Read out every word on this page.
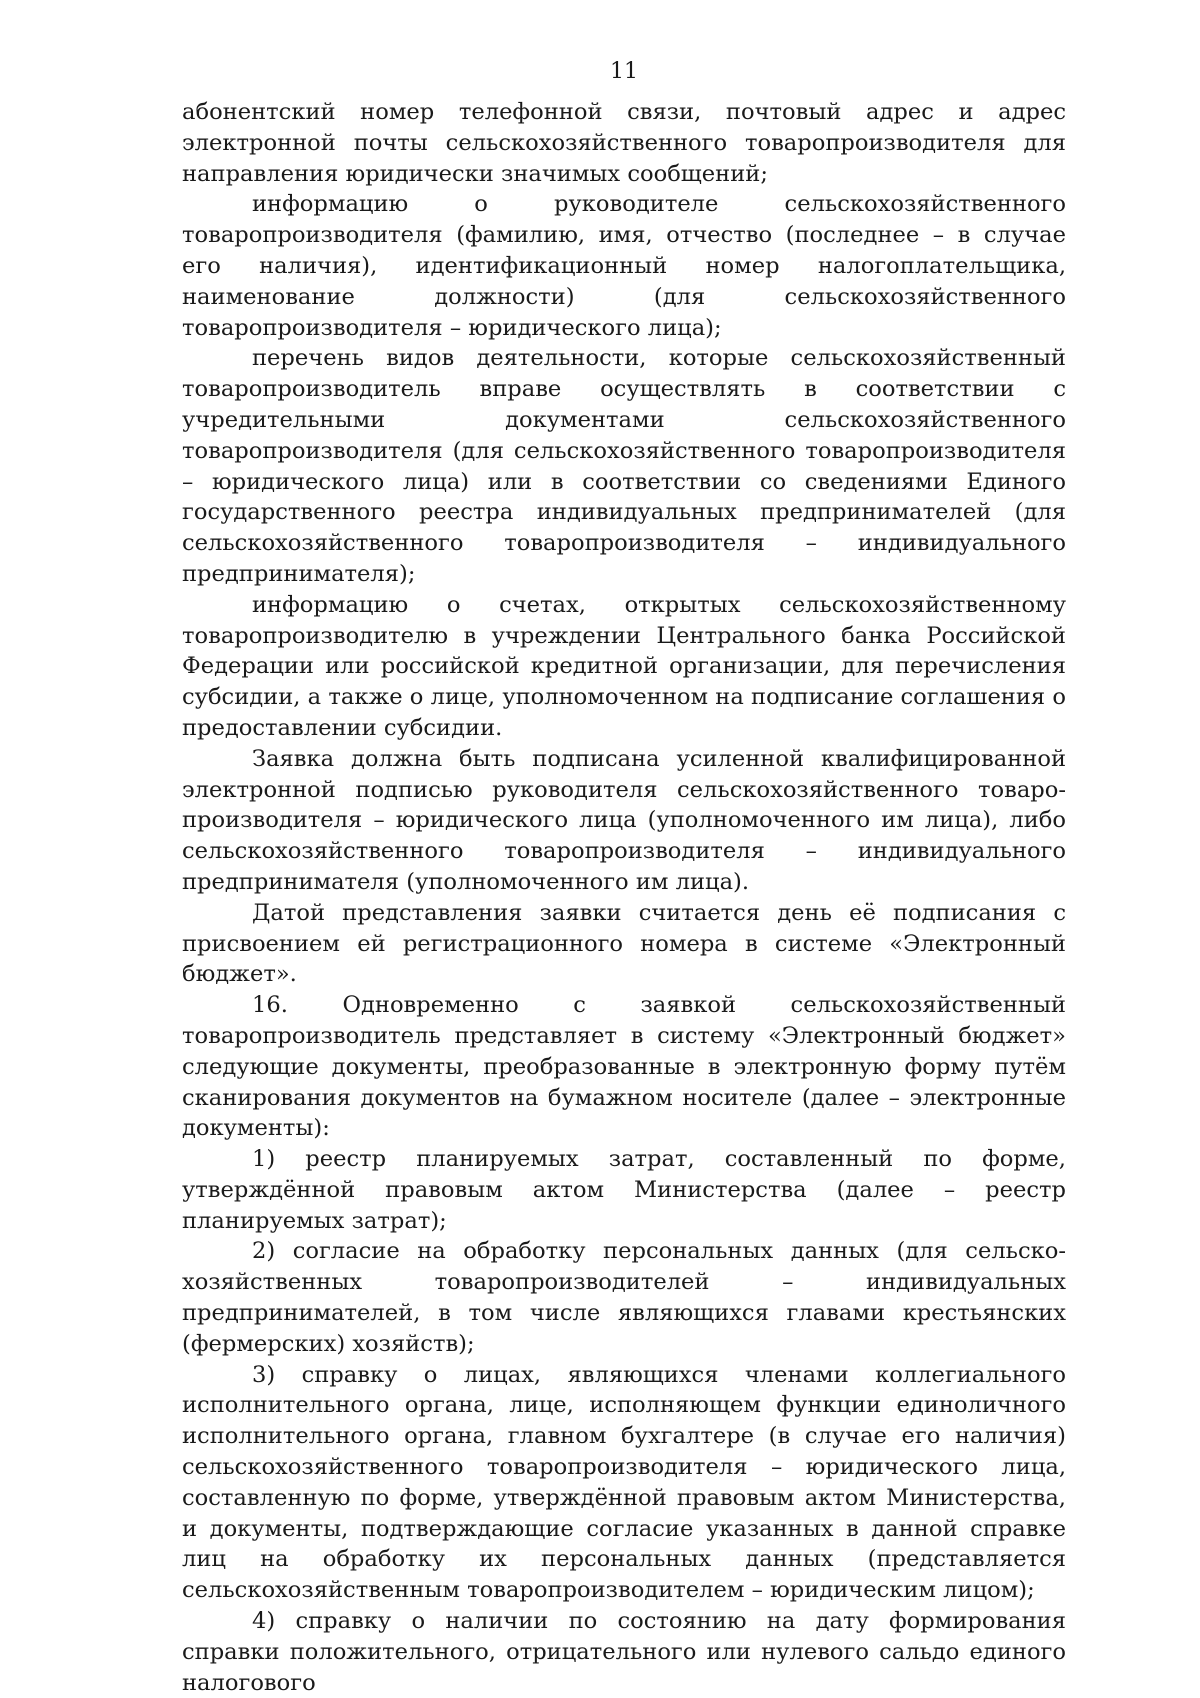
11

абонентский номер телефонной связи, почтовый адрес и адрес электронной почты сельскохозяйственного товаропроизводителя для направления юридически значимых сообщений;

информацию о руководителе сельскохозяйственного товаропроизводителя (фамилию, имя, отчество (последнее – в случае его наличия), идентификационный номер налогоплательщика, наименование должности) (для сельскохозяйственного товаропроизводителя – юридического лица);

перечень видов деятельности, которые сельскохозяйственный товаропроизводитель вправе осуществлять в соответствии с учредительными документами сельскохозяйственного товаропроизводителя (для сельскохозяйственного товаропроизводителя – юридического лица) или в соответствии со сведениями Единого государственного реестра индивидуальных предпринимателей (для сельскохозяйственного товаропроизводителя – индивидуального предпринимателя);

информацию о счетах, открытых сельскохозяйственному товаропроизводителю в учреждении Центрального банка Российской Федерации или российской кредитной организации, для перечисления субсидии, а также о лице, уполномоченном на подписание соглашения о предоставлении субсидии.

Заявка должна быть подписана усиленной квалифицированной электронной подписью руководителя сельскохозяйственного товаропроизводителя – юридического лица (уполномоченного им лица), либо сельскохозяйственного товаропроизводителя – индивидуального предпринимателя (уполномоченного им лица).

Датой представления заявки считается день её подписания с присвоением ей регистрационного номера в системе «Электронный бюджет».

16. Одновременно с заявкой сельскохозяйственный товаропроизводитель представляет в систему «Электронный бюджет» следующие документы, преобразованные в электронную форму путём сканирования документов на бумажном носителе (далее – электронные документы):

1) реестр планируемых затрат, составленный по форме, утверждённой правовым актом Министерства (далее – реестр планируемых затрат);

2) согласие на обработку персональных данных (для сельскохозяйственных товаропроизводителей – индивидуальных предпринимателей, в том числе являющихся главами крестьянских (фермерских) хозяйств);

3) справку о лицах, являющихся членами коллегиального исполнительного органа, лице, исполняющем функции единоличного исполнительного органа, главном бухгалтере (в случае его наличия) сельскохозяйственного товаропроизводителя – юридического лица, составленную по форме, утверждённой правовым актом Министерства, и документы, подтверждающие согласие указанных в данной справке лиц на обработку их персональных данных (представляется сельскохозяйственным товаропроизводителем – юридическим лицом);

4) справку о наличии по состоянию на дату формирования справки положительного, отрицательного или нулевого сальдо единого налогового
